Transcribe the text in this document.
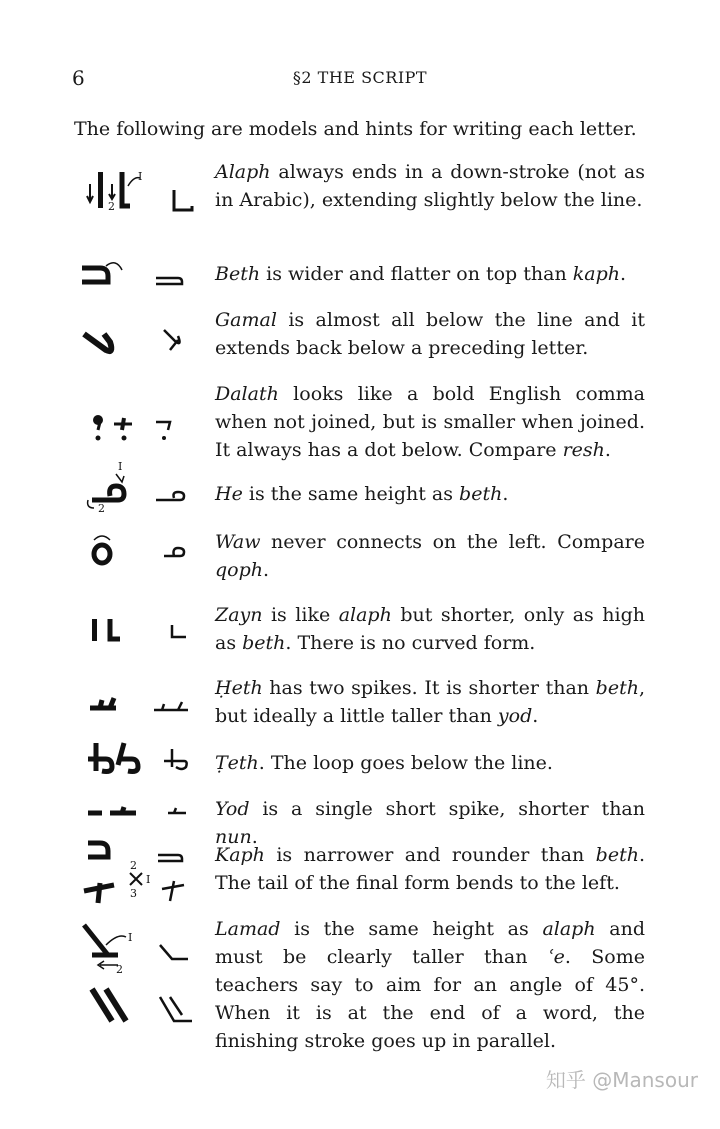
6	§2 THE SCRIPT
The following are models and hints for writing each letter.
2
I	Alaph always ends in a down-stroke (not as in Arabic), extending slightly below the line.
Beth is wider and flatter on top than kaph.
Gamal is almost all below the line and it extends back below a preceding letter.
Dalath looks like a bold English comma when not joined, but is smaller when joined. It always has a dot below. Compare resh.
I
2
He is the same height as beth.
Waw never connects on the left. Compare qoph.
Zayn is like alaph but shorter, only as high as beth. There is no curved form.
Ḥeth has two spikes. It is shorter than beth, but ideally a little taller than yod.
Ṭeth. The loop goes below the line.
Yod is a single short spike, shorter than nun.
2
I
3
Kaph is narrower and rounder than beth. The tail of the final form bends to the left.
I
2
Lamad is the same height as alaph and must be clearly taller than ʿe. Some teachers say to aim for an angle of 45°. When it is at the end of a word, the finishing stroke goes up in parallel.
知乎 @Mansour
